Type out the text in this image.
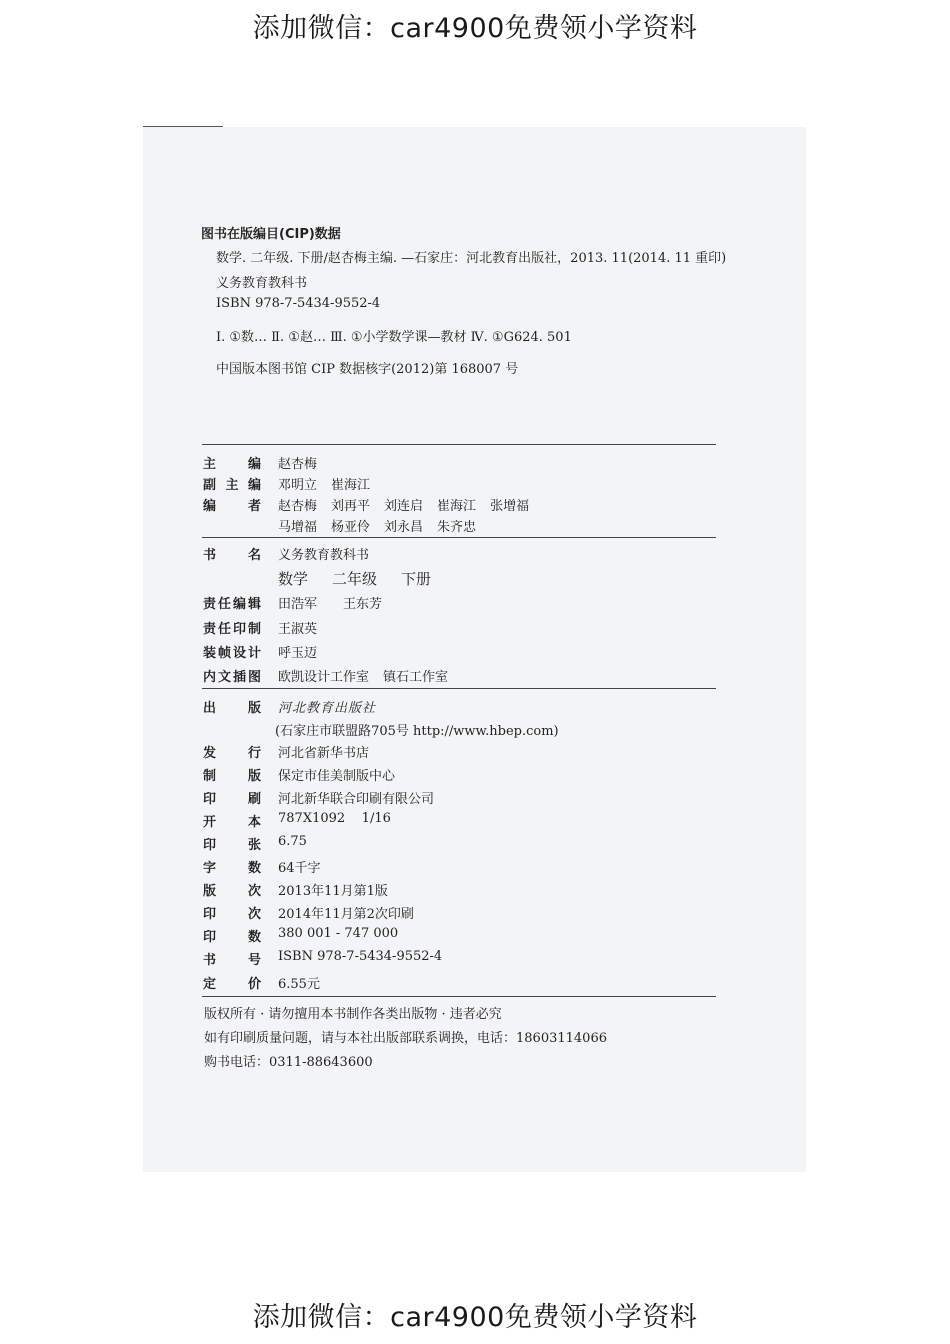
添加微信：car4900免费领小学资料
图书在版编目(CIP)数据
数学. 二年级. 下册/赵杏梅主编. —石家庄：河北教育出版社，2013. 11(2014. 11 重印)
义务教育教科书
ISBN 978-7-5434-9552-4
Ⅰ. ①数… Ⅱ. ①赵… Ⅲ. ①小学数学课—教材 Ⅳ. ①G624. 501
中国版本图书馆 CIP 数据核字(2012)第 168007 号
主编 赵杏梅
副主编 邓明立 崔海江
编者 赵杏梅 刘再平 刘连启 崔海江 张增福
马增福 杨亚伶 刘永昌 朱齐忠
书名 义务教育教科书
数学 二年级 下册
责任编辑 田浩军 王东芳
责任印制 王淑英
装帧设计 呼玉迈
内文插图 欧凯设计工作室 镇石工作室
出版 河北教育出版社
(石家庄市联盟路705号 http://www.hbep.com)
发行 河北省新华书店
制版 保定市佳美制版中心
印刷 河北新华联合印刷有限公司
开本 787X1092    1/16
印张 6.75
字数 64千字
版次 2013年11月第1版
印次 2014年11月第2次印刷
印数 380 001 - 747 000
书号 ISBN 978-7-5434-9552-4
定价 6.55元
版权所有 · 请勿擅用本书制作各类出版物 · 违者必究
如有印刷质量问题，请与本社出版部联系调换，电话：18603114066
购书电话：0311-88643600
添加微信：car4900免费领小学资料
